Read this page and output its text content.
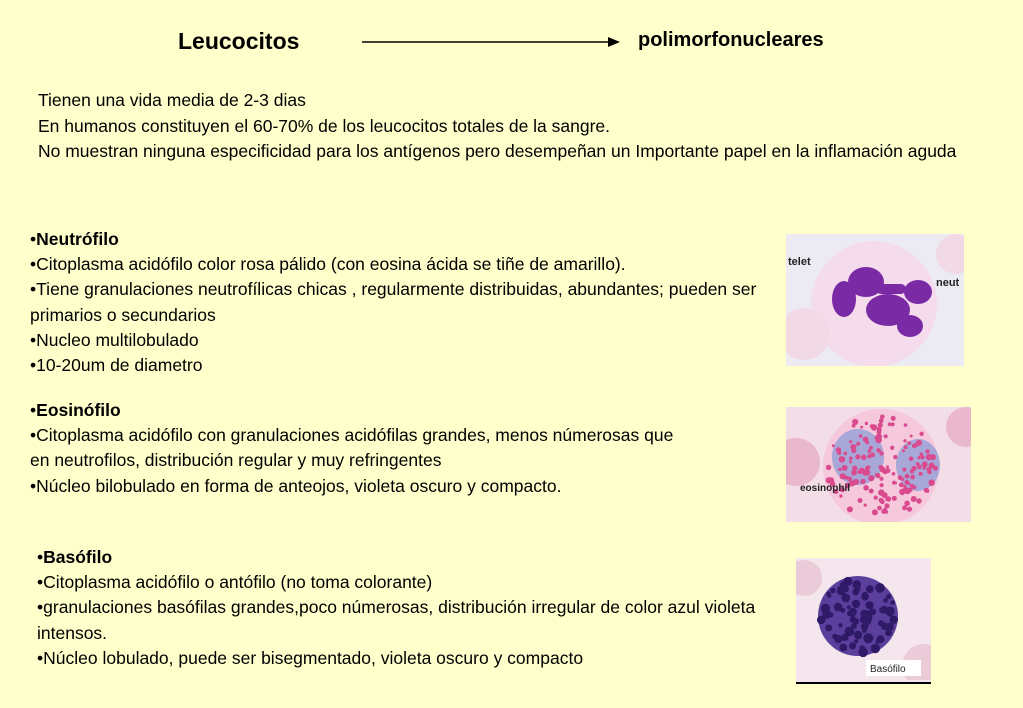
Leucocitos	polimorfonucleares
Tienen una vida media de 2-3 dias
En humanos constituyen el 60-70% de los leucocitos totales de la sangre.
No muestran ninguna especificidad para los antígenos pero desempeñan un Importante papel en la inflamación aguda
•Neutrófilo
•Citoplasma acidófilo color rosa pálido (con eosina ácida se tiñe de amarillo).
•Tiene granulaciones neutrofílicas chicas , regularmente distribuidas, abundantes; pueden ser primarios o secundarios
•Nucleo multilobulado
•10-20um de diametro
telet
neut
•Eosinófilo
•Citoplasma acidófilo con granulaciones acidófilas grandes, menos númerosas que en neutrofilos, distribución regular y muy refringentes
•Núcleo bilobulado en forma de anteojos, violeta oscuro y compacto.	eosinophil
•Basófilo
•Citoplasma acidófilo o antófilo (no toma colorante)
•granulaciones basófilas grandes,poco númerosas, distribución irregular de color azul violeta intensos.
•Núcleo lobulado, puede ser bisegmentado, violeta oscuro y compacto
Basófilo
